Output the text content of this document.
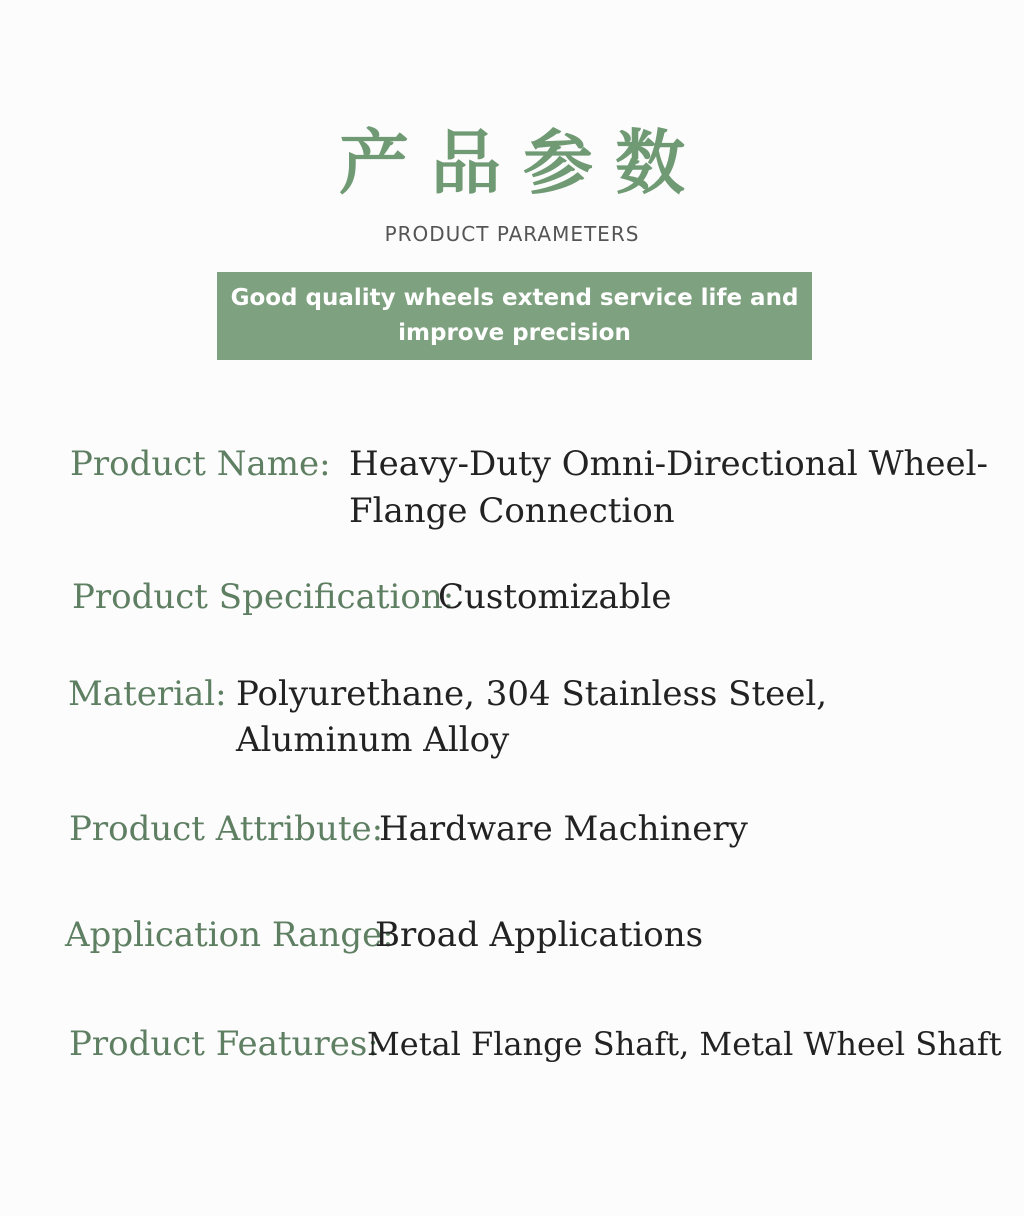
产品参数
PRODUCT PARAMETERS
Good quality wheels extend service life and
improve precision
Product Name: Heavy-Duty Omni-Directional Wheel-
Flange Connection
Product Specification:
Customizable
Material: Polyurethane, 304 Stainless Steel,
Aluminum Alloy
Product Attribute:
Hardware Machinery
Application Range:
Broad Applications
Product Features:
Metal Flange Shaft, Metal Wheel Shaft
